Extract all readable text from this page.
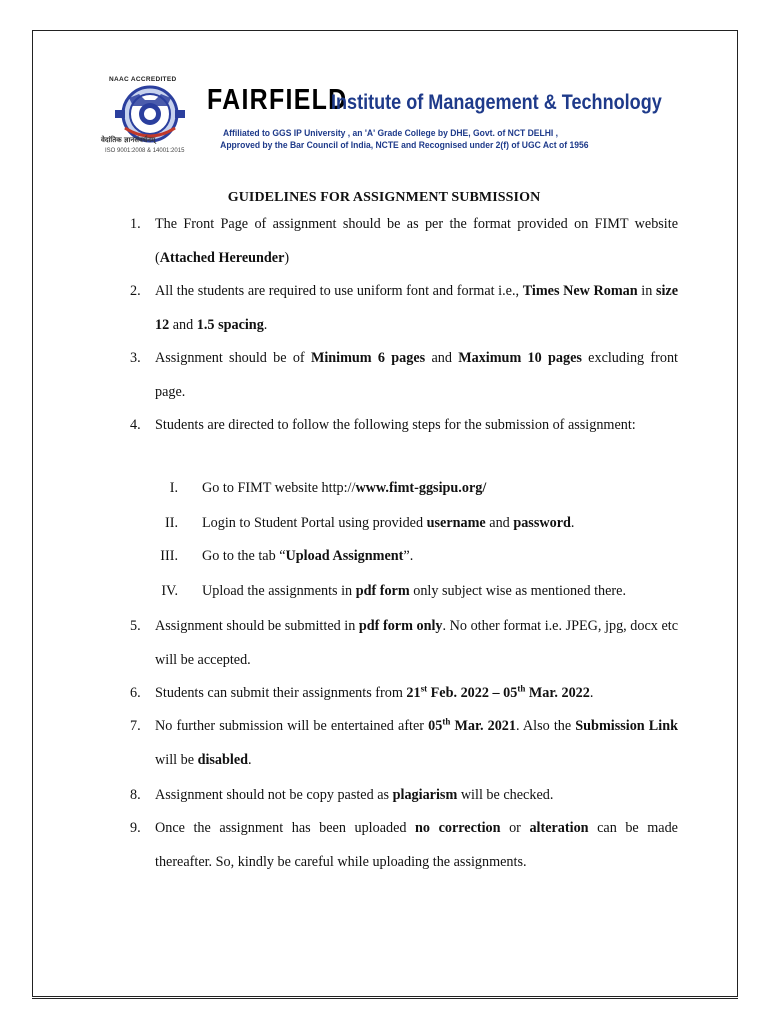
NAAC ACCREDITED
वेदांतिक ज्ञानसंवर्धनम्
ISO 9001:2008 & 14001:2015
FAIRFIELD
Institute of Management & Technology
Affiliated to GGS IP University , an 'A' Grade College by DHE, Govt. of NCT DELHI ,

Approved by the Bar Council of India, NCTE and Recognised under 2(f) of UGC Act of 1956
GUIDELINES FOR ASSIGNMENT SUBMISSION
1.	The Front Page of assignment should be as per the format provided on FIMT website (Attached Hereunder)
2.	All the students are required to use uniform font and format i.e., Times New Roman in size 12 and 1.5 spacing.
3.	Assignment should be of Minimum 6 pages and Maximum 10 pages excluding front page.
4.	Students are directed to follow the following steps for the submission of assignment:
I. Go to FIMT website http://www.fimt-ggsipu.org/
II. Login to Student Portal using provided username and password.
III. Go to the tab “Upload Assignment”.
IV. Upload the assignments in pdf form only subject wise as mentioned there.
5.	Assignment should be submitted in pdf form only. No other format i.e. JPEG, jpg, docx etc will be accepted.
6.	Students can submit their assignments from 21st Feb. 2022 – 05th Mar. 2022.
7.	No further submission will be entertained after 05th Mar. 2021. Also the Submission Link will be disabled.
8.	Assignment should not be copy pasted as plagiarism will be checked.
9.	Once the assignment has been uploaded no correction or alteration can be made thereafter. So, kindly be careful while uploading the assignments.
